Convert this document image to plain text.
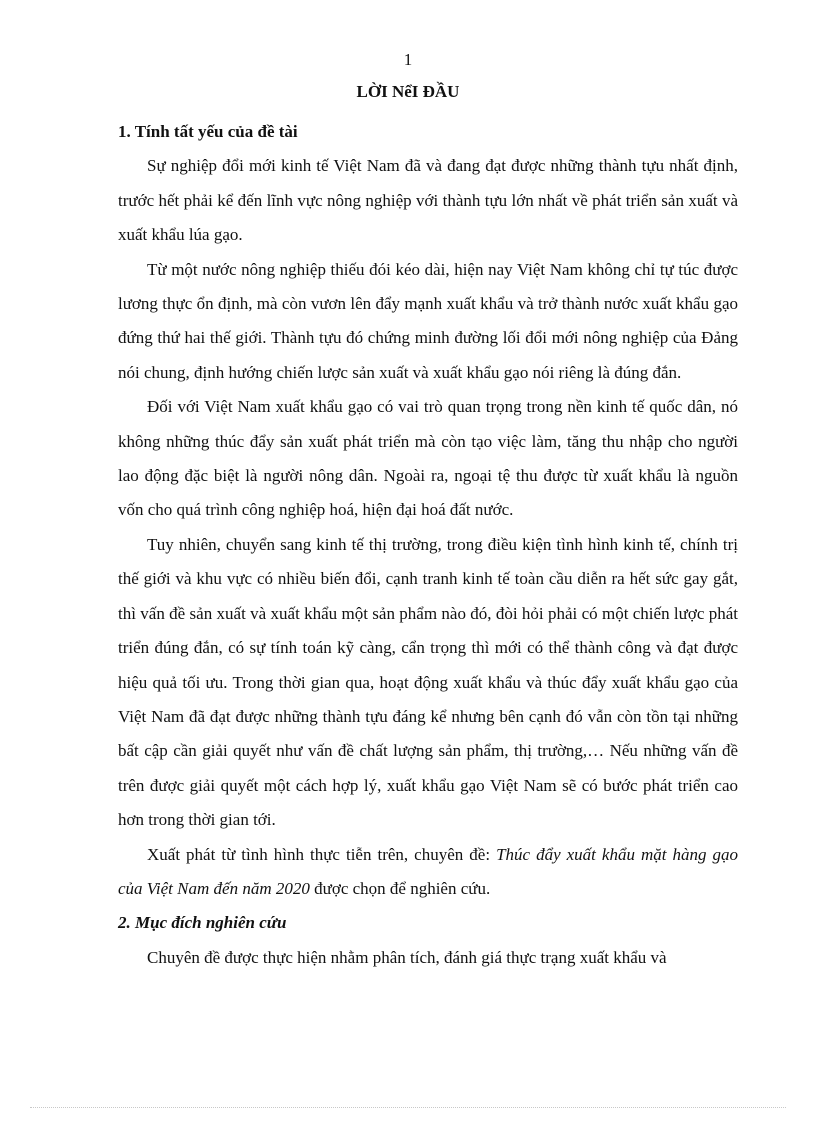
1
LỜI NểI ĐẦU

1. Tính tất yếu của đề tài

Sự nghiệp đổi mới kinh tế Việt Nam đã và đang đạt được những thành tựu nhất định, trước hết phải kể đến lĩnh vực nông nghiệp với thành tựu lớn nhất về phát triển sản xuất và xuất khẩu lúa gạo.

Từ một nước nông nghiệp thiếu đói kéo dài, hiện nay Việt Nam không chỉ tự túc được lương thực ổn định, mà còn vươn lên đẩy mạnh xuất khẩu và trở thành nước xuất khẩu gạo đứng thứ hai thế giới. Thành tựu đó chứng minh đường lối đổi mới nông nghiệp của Đảng nói chung, định hướng chiến lược sản xuất và xuất khẩu gạo nói riêng là đúng đắn.

Đối với Việt Nam xuất khẩu gạo có vai trò quan trọng trong nền kinh tế quốc dân, nó không những thúc đẩy sản xuất phát triển mà còn tạo việc làm, tăng thu nhập cho người lao động đặc biệt là người nông dân. Ngoài ra, ngoại tệ thu được từ xuất khẩu là nguồn vốn cho quá trình công nghiệp hoá, hiện đại hoá đất nước.

Tuy nhiên, chuyển sang kinh tế thị trường, trong điều kiện tình hình kinh tế, chính trị thế giới và khu vực có nhiều biến đổi, cạnh tranh kinh tế toàn cầu diễn ra hết sức gay gắt, thì vấn đề sản xuất và xuất khẩu một sản phẩm nào đó, đòi hỏi phải có một chiến lược phát triển đúng đắn, có sự tính toán kỹ càng, cẩn trọng thì mới có thể thành công và đạt được hiệu quả tối ưu. Trong thời gian qua, hoạt động xuất khẩu và thúc đẩy xuất khẩu gạo của Việt Nam đã đạt được những thành tựu đáng kể nhưng bên cạnh đó vẫn còn tồn tại những bất cập cần giải quyết như vấn đề chất lượng sản phẩm, thị trường,… Nếu những vấn đề trên được giải quyết một cách hợp lý, xuất khẩu gạo Việt Nam sẽ có bước phát triển cao hơn trong thời gian tới.

Xuất phát từ tình hình thực tiễn trên, chuyên đề: Thúc đẩy xuất khẩu mặt hàng gạo của Việt Nam đến năm 2020 được chọn để nghiên cứu.

2. Mục đích nghiên cứu

Chuyên đề được thực hiện nhằm phân tích, đánh giá thực trạng xuất khẩu và
